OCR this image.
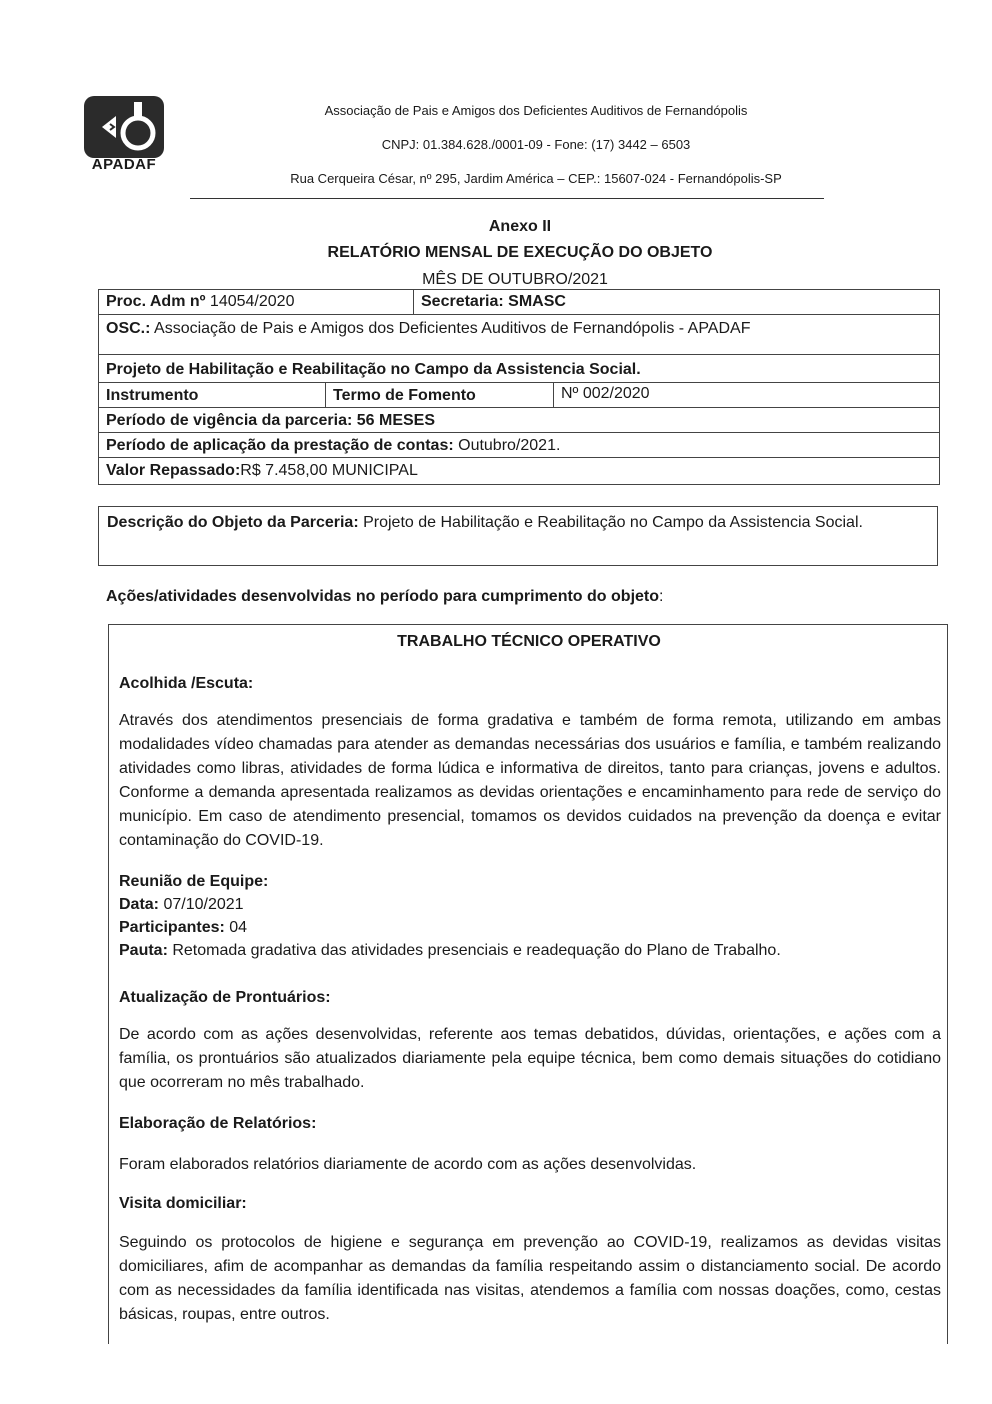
APADAF
Associação de Pais e Amigos dos Deficientes Auditivos de Fernandópolis
CNPJ: 01.384.628./0001-09 - Fone: (17) 3442 – 6503
Rua Cerqueira César, nº 295, Jardim América – CEP.: 15607-024 - Fernandópolis-SP
Anexo II
RELATÓRIO MENSAL DE EXECUÇÃO DO OBJETO
MÊS DE OUTUBRO/2021
Proc. Adm nº 14054/2020	Secretaria: SMASC
OSC.: Associação de Pais e Amigos dos Deficientes Auditivos de Fernandópolis - APADAF
Projeto de Habilitação e Reabilitação no Campo da Assistencia Social.
Instrumento	Termo de Fomento	Nº 002/2020
Período de vigência da parceria: 56 MESES
Período de aplicação da prestação de contas: Outubro/2021.
Valor Repassado:R$ 7.458,00 MUNICIPAL
Descrição do Objeto da Parceria: Projeto de Habilitação e Reabilitação no Campo da Assistencia Social.
Ações/atividades desenvolvidas no período para cumprimento do objeto:
TRABALHO TÉCNICO OPERATIVO
Acolhida /Escuta:
Através dos atendimentos presenciais de forma gradativa e também de forma remota, utilizando em ambas modalidades vídeo chamadas para atender as demandas necessárias dos usuários e família, e também realizando atividades como libras, atividades de forma lúdica e informativa de direitos, tanto para crianças, jovens e adultos. Conforme a demanda apresentada realizamos as devidas orientações e encaminhamento para rede de serviço do município. Em caso de atendimento presencial, tomamos os devidos cuidados na prevenção da doença e evitar contaminação do COVID-19.
Reunião de Equipe:
Data: 07/10/2021
Participantes: 04
Pauta: Retomada gradativa das atividades presenciais e readequação do Plano de Trabalho.
Atualização de Prontuários:
De acordo com as ações desenvolvidas, referente aos temas debatidos, dúvidas, orientações, e ações com a família, os prontuários são atualizados diariamente pela equipe técnica, bem como demais situações do cotidiano que ocorreram no mês trabalhado.
Elaboração de Relatórios:
Foram elaborados relatórios diariamente de acordo com as ações desenvolvidas.
Visita domiciliar:
Seguindo os protocolos de higiene e segurança em prevenção ao COVID-19, realizamos as devidas visitas domiciliares, afim de acompanhar as demandas da família respeitando assim o distanciamento social. De acordo com as necessidades da família identificada nas visitas, atendemos a família com nossas doações, como, cestas básicas, roupas, entre outros.
